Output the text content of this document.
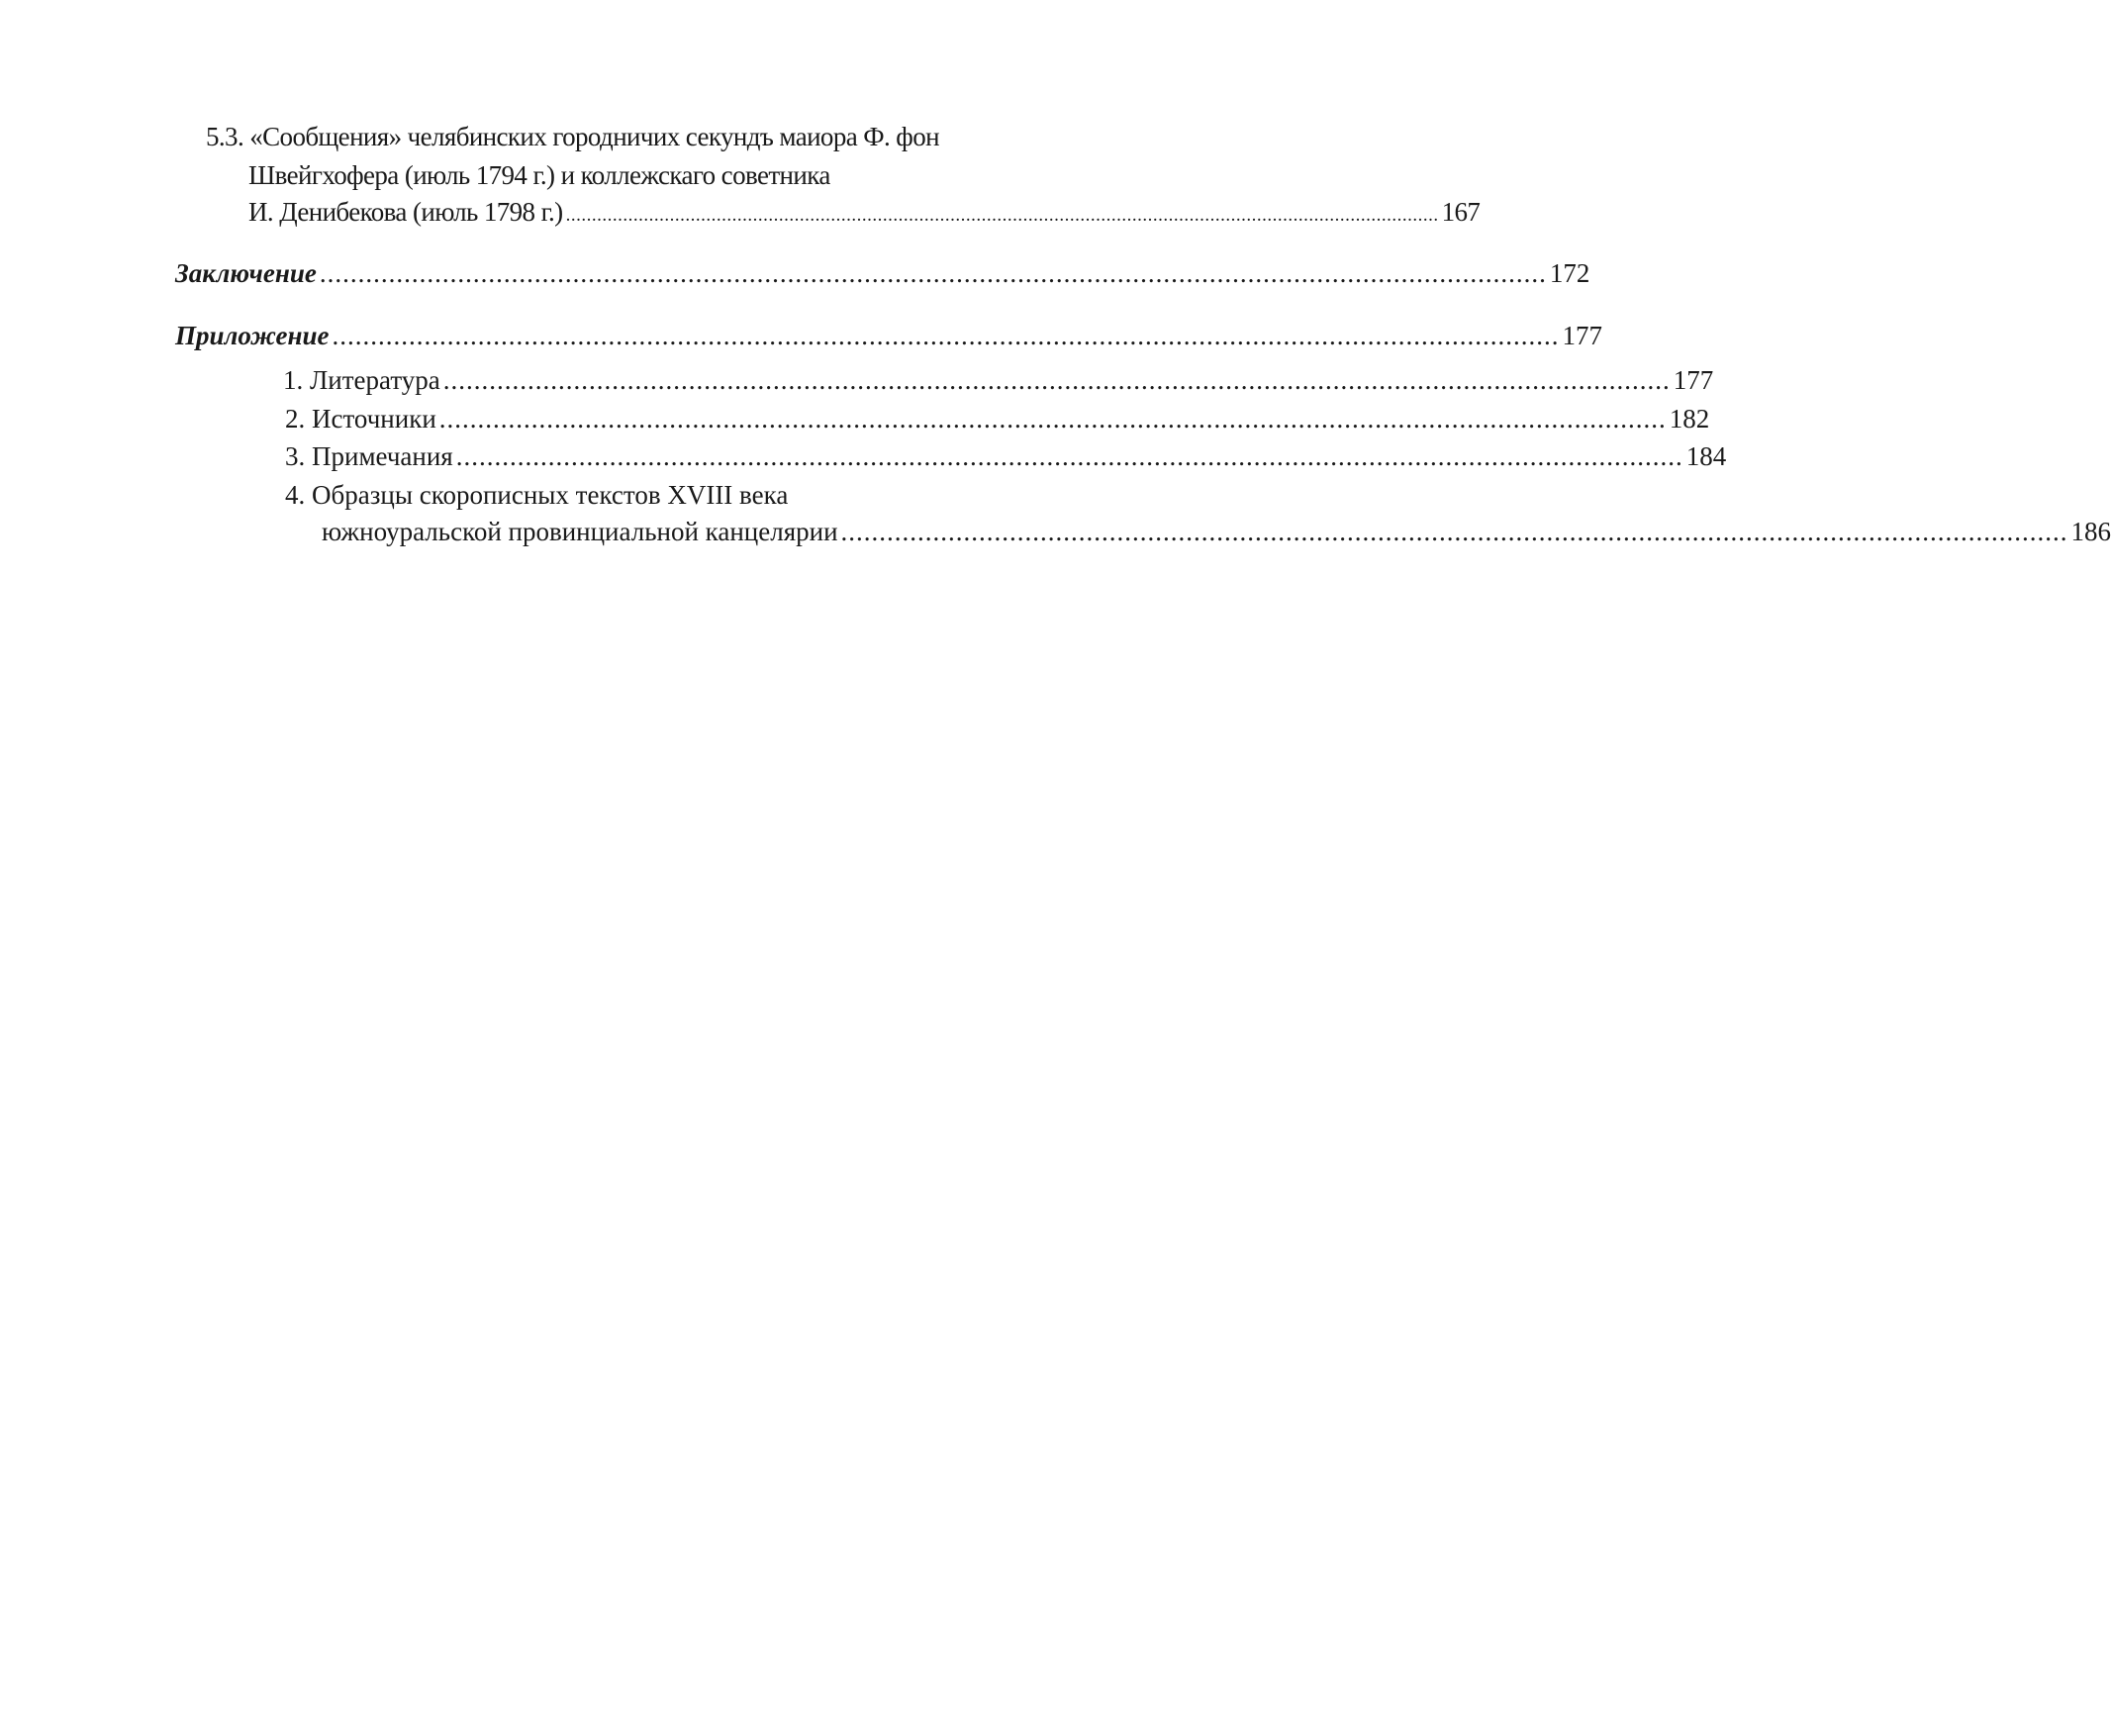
5.3. «Сообщения» челябинских городничих секундъ маиора Ф. фон
Швейгхофера (июль 1794 г.) и коллежскаго советника
И. Денибекова (июль 1798 г.) ........................................................................................................................................................................ 167
Заключение ................................................................................................................................................................ 172
Приложение ................................................................................................................................................................ 177
1. Литература ................................................................................................................................................................ 177
2. Источники ................................................................................................................................................................ 182
3. Примечания ................................................................................................................................................................ 184
4. Образцы скорописных текстов XVIII века
южноуральской провинциальной канцелярии ................................................................................................................................................................ 186
